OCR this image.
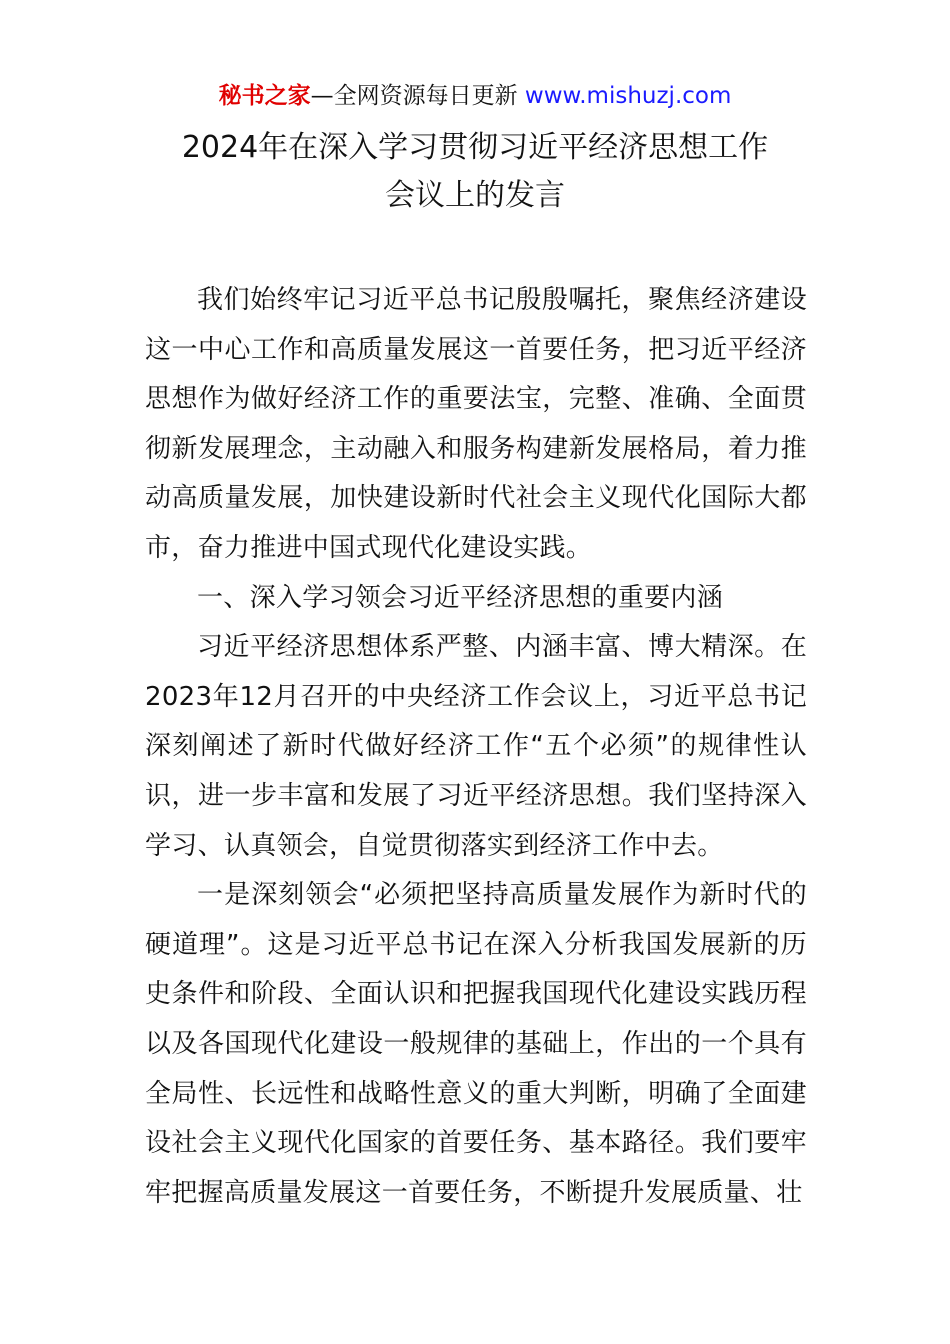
秘书之家—全网资源每日更新 www.mishuzj.com
2024年在深入学习贯彻习近平经济思想工作
会议上的发言

我们始终牢记习近平总书记殷殷嘱托，聚焦经济建设这一中心工作和高质量发展这一首要任务，把习近平经济思想作为做好经济工作的重要法宝，完整、准确、全面贯彻新发展理念，主动融入和服务构建新发展格局，着力推动高质量发展，加快建设新时代社会主义现代化国际大都市，奋力推进中国式现代化建设实践。

一、深入学习领会习近平经济思想的重要内涵

习近平经济思想体系严整、内涵丰富、博大精深。在2023年12月召开的中央经济工作会议上，习近平总书记深刻阐述了新时代做好经济工作“五个必须”的规律性认识，进一步丰富和发展了习近平经济思想。我们坚持深入学习、认真领会，自觉贯彻落实到经济工作中去。

一是深刻领会“必须把坚持高质量发展作为新时代的硬道理”。这是习近平总书记在深入分析我国发展新的历史条件和阶段、全面认识和把握我国现代化建设实践历程以及各国现代化建设一般规律的基础上，作出的一个具有全局性、长远性和战略性意义的重大判断，明确了全面建设社会主义现代化国家的首要任务、基本路径。我们要牢牢把握高质量发展这一首要任务，不断提升发展质量、壮
